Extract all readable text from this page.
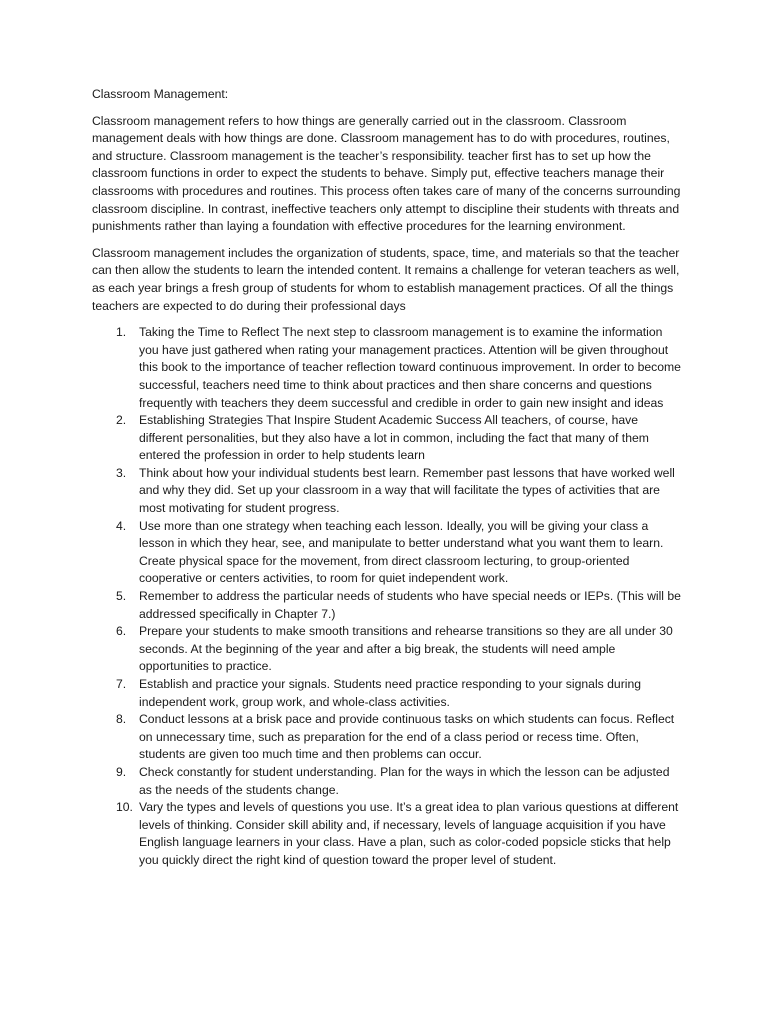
Classroom Management:

Classroom management refers to how things are generally carried out in the classroom. Classroom management deals with how things are done. Classroom management has to do with procedures, routines, and structure. Classroom management is the teacher’s responsibility. teacher first has to set up how the classroom functions in order to expect the students to behave. Simply put, effective teachers manage their classrooms with procedures and routines. This process often takes care of many of the concerns surrounding classroom discipline. In contrast, ineffective teachers only attempt to discipline their students with threats and punishments rather than laying a foundation with effective procedures for the learning environment.

Classroom management includes the organization of students, space, time, and materials so that the teacher can then allow the students to learn the intended content. It remains a challenge for veteran teachers as well, as each year brings a fresh group of students for whom to establish management practices. Of all the things teachers are expected to do during their professional days

1. Taking the Time to Reflect The next step to classroom management is to examine the information you have just gathered when rating your management practices. Attention will be given throughout this book to the importance of teacher reflection toward continuous improvement. In order to become successful, teachers need time to think about practices and then share concerns and questions frequently with teachers they deem successful and credible in order to gain new insight and ideas
2. Establishing Strategies That Inspire Student Academic Success All teachers, of course, have different personalities, but they also have a lot in common, including the fact that many of them entered the profession in order to help students learn
3. Think about how your individual students best learn. Remember past lessons that have worked well and why they did. Set up your classroom in a way that will facilitate the types of activities that are most motivating for student progress.
4. Use more than one strategy when teaching each lesson. Ideally, you will be giving your class a lesson in which they hear, see, and manipulate to better understand what you want them to learn. Create physical space for the movement, from direct classroom lecturing, to group-oriented cooperative or centers activities, to room for quiet independent work.
5. Remember to address the particular needs of students who have special needs or IEPs. (This will be addressed specifically in Chapter 7.)
6. Prepare your students to make smooth transitions and rehearse transitions so they are all under 30 seconds. At the beginning of the year and after a big break, the students will need ample opportunities to practice.
7. Establish and practice your signals. Students need practice responding to your signals during independent work, group work, and whole-class activities.
8. Conduct lessons at a brisk pace and provide continuous tasks on which students can focus. Reflect on unnecessary time, such as preparation for the end of a class period or recess time. Often, students are given too much time and then problems can occur.
9. Check constantly for student understanding. Plan for the ways in which the lesson can be adjusted as the needs of the students change.
10. Vary the types and levels of questions you use. It’s a great idea to plan various questions at different levels of thinking. Consider skill ability and, if necessary, levels of language acquisition if you have English language learners in your class. Have a plan, such as color-coded popsicle sticks that help you quickly direct the right kind of question toward the proper level of student.
